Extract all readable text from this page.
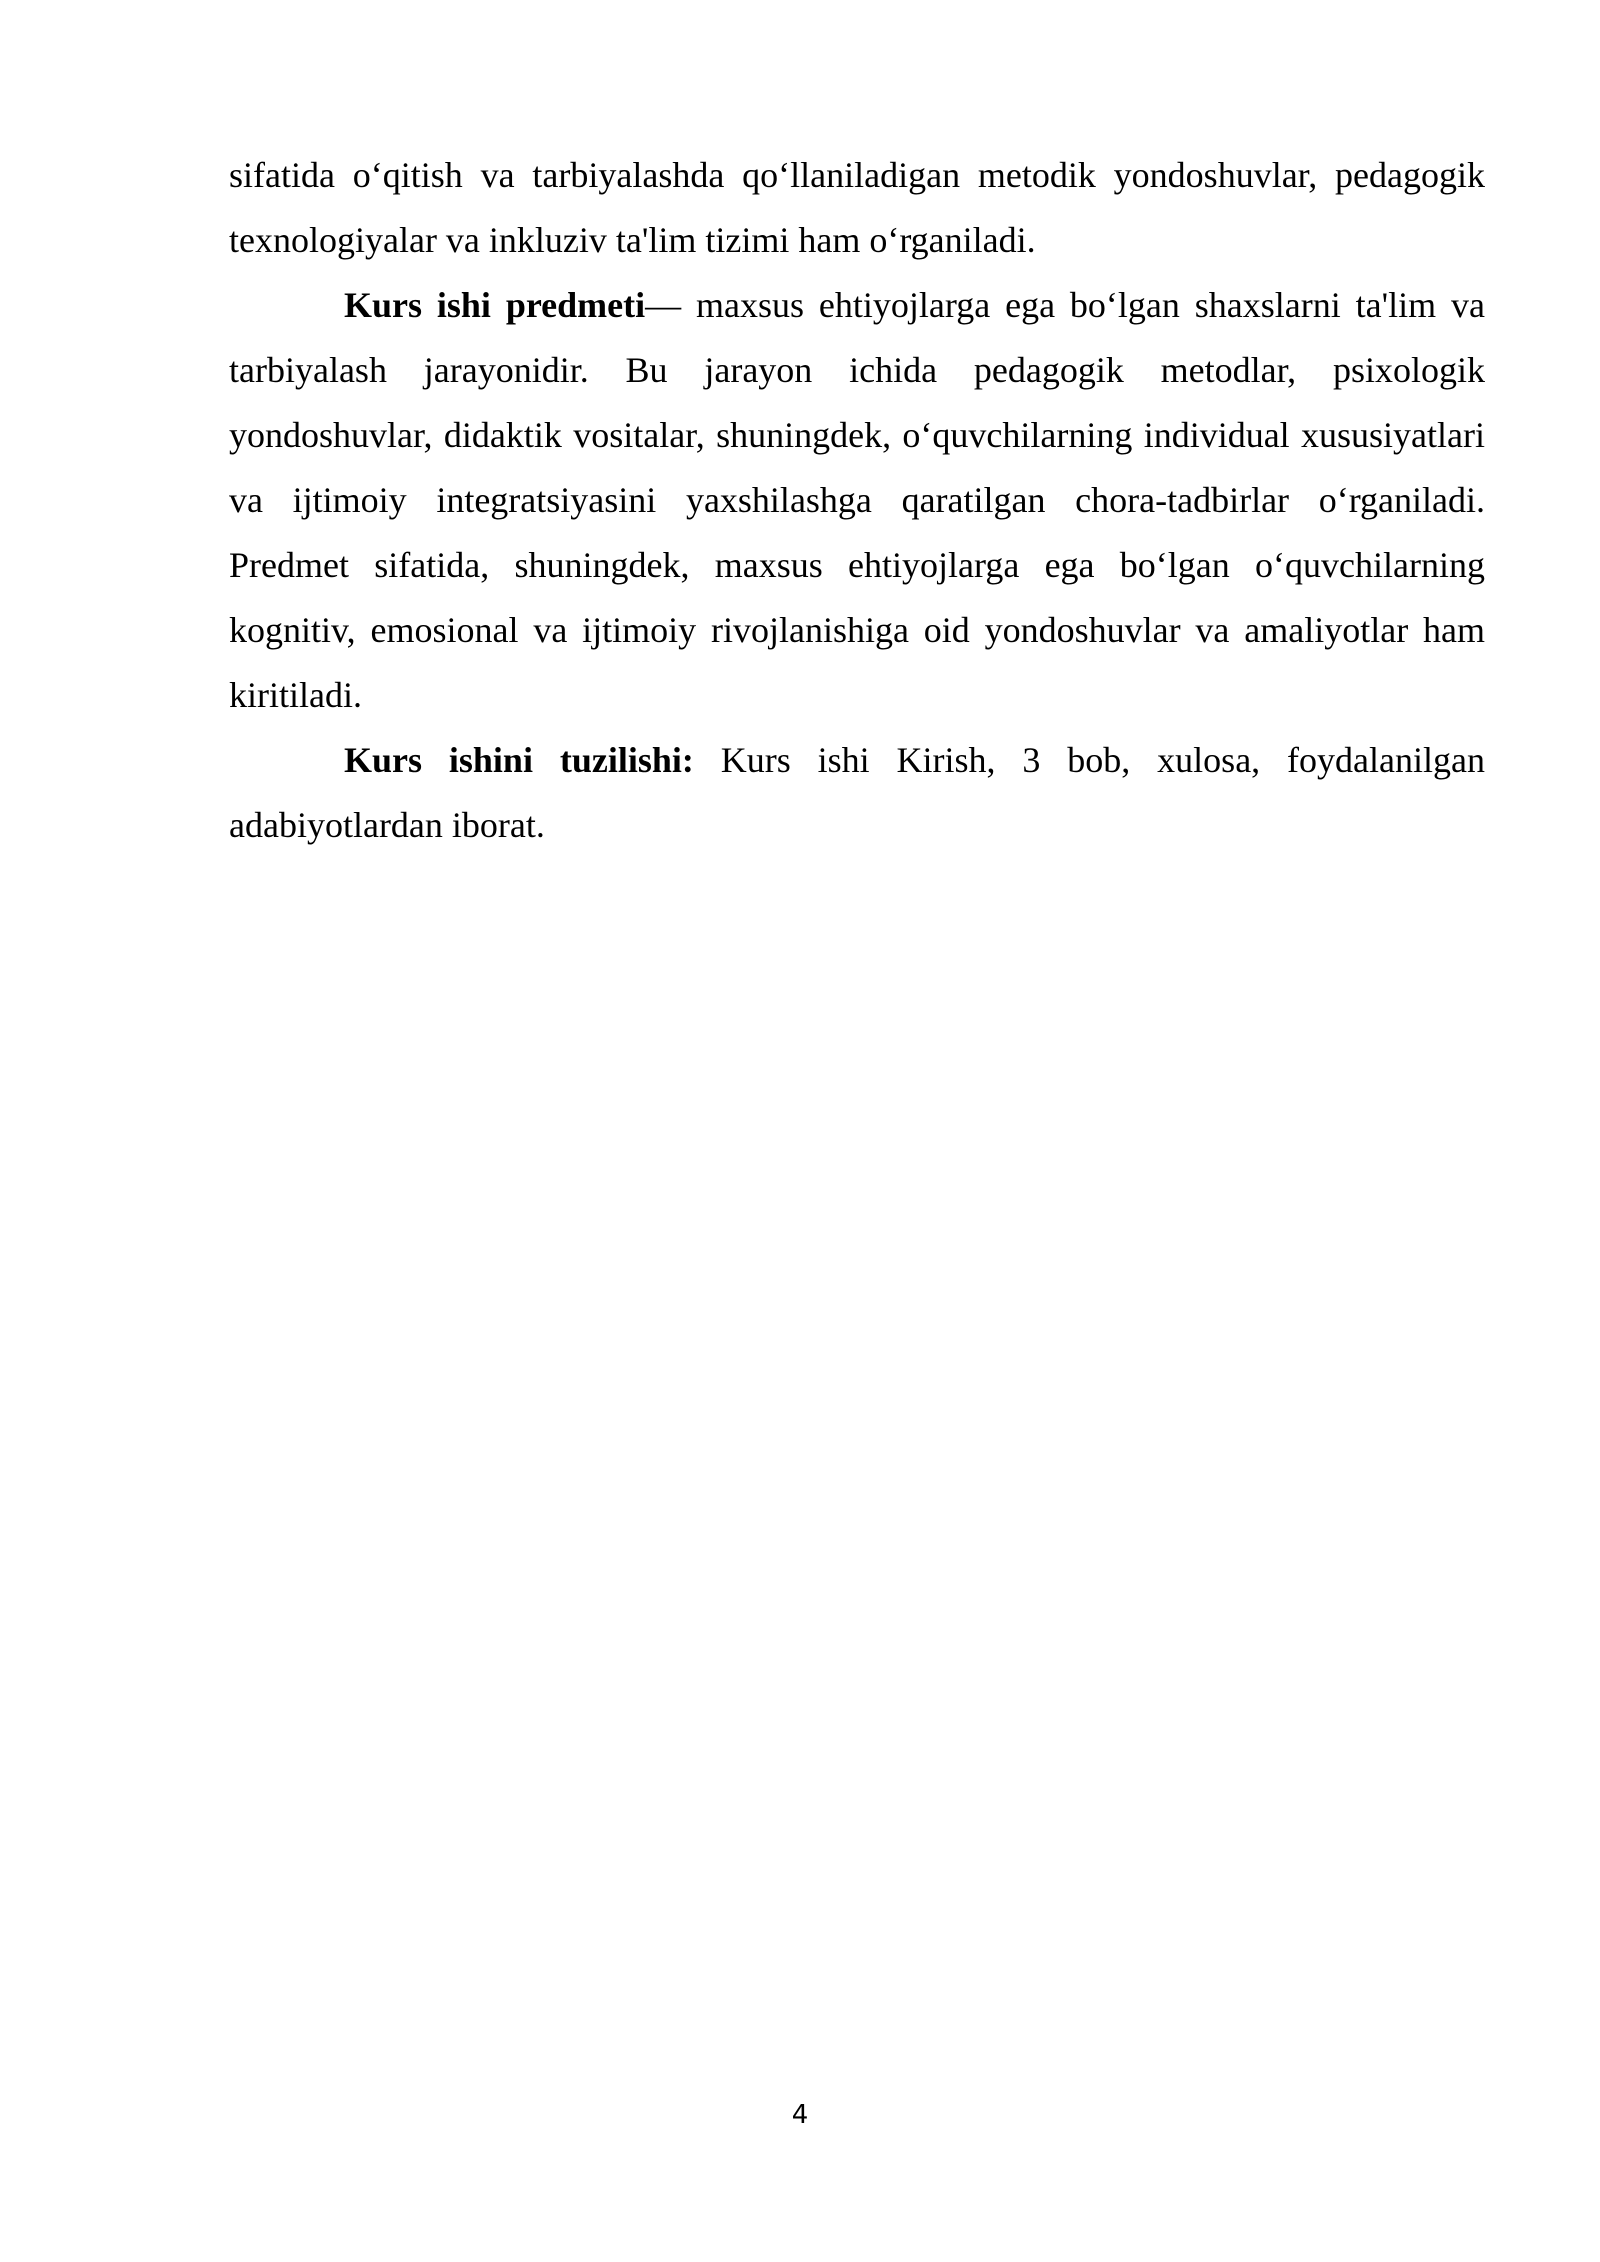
sifatida o‘qitish va tarbiyalashda qo‘llaniladigan metodik yondoshuvlar, pedagogik texnologiyalar va inkluziv ta'lim tizimi ham o‘rganiladi.

Kurs ishi predmeti— maxsus ehtiyojlarga ega bo‘lgan shaxslarni ta'lim va tarbiyalash jarayonidir. Bu jarayon ichida pedagogik metodlar, psixologik yondoshuvlar, didaktik vositalar, shuningdek, o‘quvchilarning individual xususiyatlari va ijtimoiy integratsiyasini yaxshilashga qaratilgan chora-tadbirlar o‘rganiladi. Predmet sifatida, shuningdek, maxsus ehtiyojlarga ega bo‘lgan o‘quvchilarning kognitiv, emosional va ijtimoiy rivojlanishiga oid yondoshuvlar va amaliyotlar ham kiritiladi.

Kurs ishini tuzilishi: Kurs ishi Kirish, 3 bob, xulosa, foydalanilgan adabiyotlardan iborat.

4
